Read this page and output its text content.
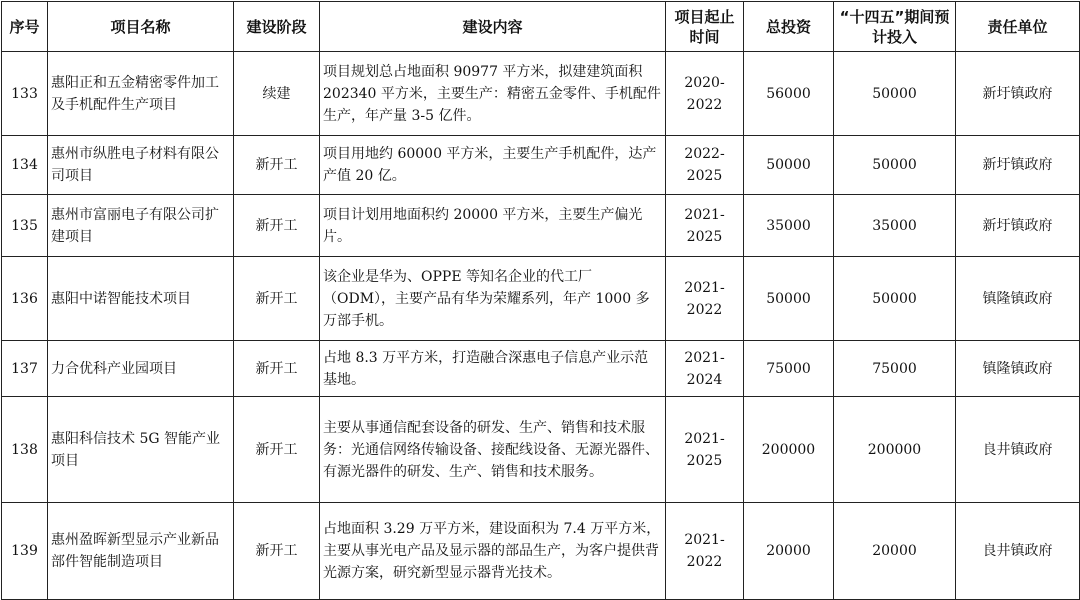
序号	项目名称	建设阶段	建设内容	项目起止时间	总投资	“十四五”期间预计投入	责任单位
133	惠阳正和五金精密零件加工及手机配件生产项目	续建	项目规划总占地面积 90977 平方米，拟建建筑面积 202340 平方米，主要生产：精密五金零件、手机配件生产，年产量 3-5 亿件。	2020-2022	56000	50000	新圩镇政府
134	惠州市纵胜电子材料有限公司项目	新开工	项目用地约 60000 平方米，主要生产手机配件，达产产值 20 亿。	2022-2025	50000	50000	新圩镇政府
135	惠州市富丽电子有限公司扩建项目	新开工	项目计划用地面积约 20000 平方米，主要生产偏光片。	2021-2025	35000	35000	新圩镇政府
136	惠阳中诺智能技术项目	新开工	该企业是华为、OPPE 等知名企业的代工厂（ODM），主要产品有华为荣耀系列，年产 1000 多万部手机。	2021-2022	50000	50000	镇隆镇政府
137	力合优科产业园项目	新开工	占地 8.3 万平方米，打造融合深惠电子信息产业示范基地。	2021-2024	75000	75000	镇隆镇政府
138	惠阳科信技术 5G 智能产业项目	新开工	主要从事通信配套设备的研发、生产、销售和技术服务：光通信网络传输设备、接配线设备、无源光器件、有源光器件的研发、生产、销售和技术服务。	2021-2025	200000	200000	良井镇政府
139	惠州盈晖新型显示产业新品部件智能制造项目	新开工	占地面积 3.29 万平方米，建设面积为 7.4 万平方米，主要从事光电产品及显示器的部品生产，为客户提供背光源方案，研究新型显示器背光技术。	2021-2022	20000	20000	良井镇政府
